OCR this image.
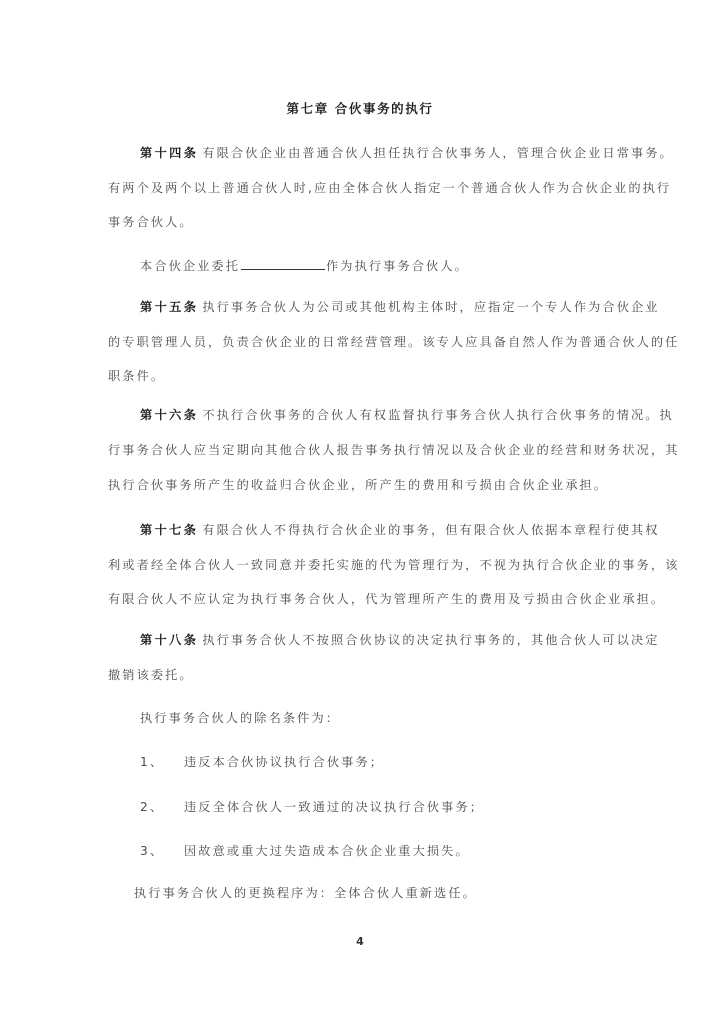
第七章 合伙事务的执行
第十四条 有限合伙企业由普通合伙人担任执行合伙事务人，管理合伙企业日常事务。
有两个及两个以上普通合伙人时,应由全体合伙人指定一个普通合伙人作为合伙企业的执行
事务合伙人。
本合伙企业委托	作为执行事务合伙人。
第十五条 执行事务合伙人为公司或其他机构主体时，应指定一个专人作为合伙企业
的专职管理人员，负责合伙企业的日常经营管理。该专人应具备自然人作为普通合伙人的任
职条件。
第十六条 不执行合伙事务的合伙人有权监督执行事务合伙人执行合伙事务的情况。执
行事务合伙人应当定期向其他合伙人报告事务执行情况以及合伙企业的经营和财务状况，其
执行合伙事务所产生的收益归合伙企业，所产生的费用和亏损由合伙企业承担。
第十七条 有限合伙人不得执行合伙企业的事务，但有限合伙人依据本章程行使其权
利或者经全体合伙人一致同意并委托实施的代为管理行为，不视为执行合伙企业的事务，该
有限合伙人不应认定为执行事务合伙人，代为管理所产生的费用及亏损由合伙企业承担。
第十八条 执行事务合伙人不按照合伙协议的决定执行事务的，其他合伙人可以决定
撤销该委托。
执行事务合伙人的除名条件为：
1、 违反本合伙协议执行合伙事务；
2、 违反全体合伙人一致通过的决议执行合伙事务；
3、 因故意或重大过失造成本合伙企业重大损失。
执行事务合伙人的更换程序为：全体合伙人重新选任。
4
